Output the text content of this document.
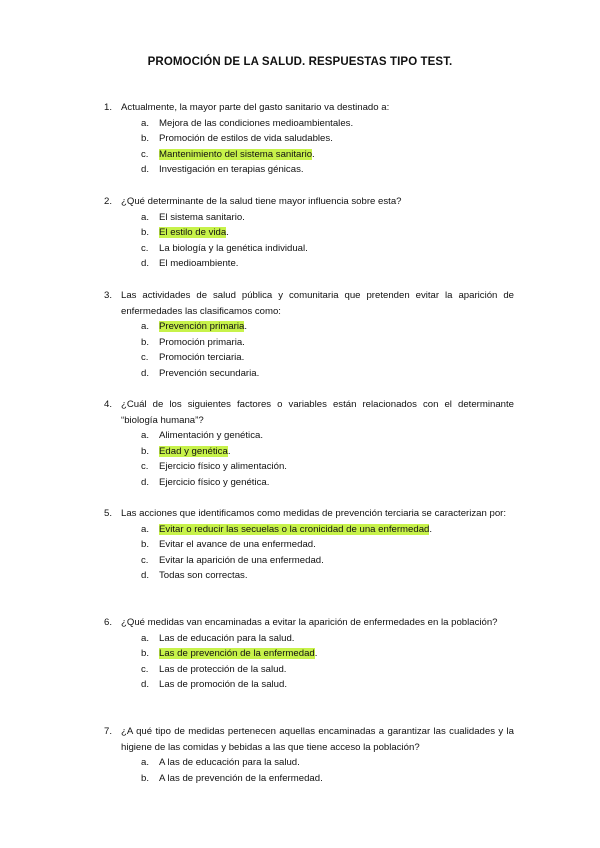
PROMOCIÓN DE LA SALUD. RESPUESTAS TIPO TEST.
1. Actualmente, la mayor parte del gasto sanitario va destinado a:
a. Mejora de las condiciones medioambientales.
b. Promoción de estilos de vida saludables.
c. Mantenimiento del sistema sanitario.
d. Investigación en terapias génicas.
2. ¿Qué determinante de la salud tiene mayor influencia sobre esta?
a. El sistema sanitario.
b. El estilo de vida.
c. La biología y la genética individual.
d. El medioambiente.
3. Las actividades de salud pública y comunitaria que pretenden evitar la aparición de enfermedades las clasificamos como:
a. Prevención primaria.
b. Promoción primaria.
c. Promoción terciaria.
d. Prevención secundaria.
4. ¿Cuál de los siguientes factores o variables están relacionados con el determinante “biología humana”?
a. Alimentación y genética.
b. Edad y genética.
c. Ejercicio físico y alimentación.
d. Ejercicio físico y genética.
5. Las acciones que identificamos como medidas de prevención terciaria se caracterizan por:
a. Evitar o reducir las secuelas o la cronicidad de una enfermedad.
b. Evitar el avance de una enfermedad.
c. Evitar la aparición de una enfermedad.
d. Todas son correctas.
6. ¿Qué medidas van encaminadas a evitar la aparición de enfermedades en la población?
a. Las de educación para la salud.
b. Las de prevención de la enfermedad.
c. Las de protección de la salud.
d. Las de promoción de la salud.
7. ¿A qué tipo de medidas pertenecen aquellas encaminadas a garantizar las cualidades y la higiene de las comidas y bebidas a las que tiene acceso la población?
a. A las de educación para la salud.
b. A las de prevención de la enfermedad.
